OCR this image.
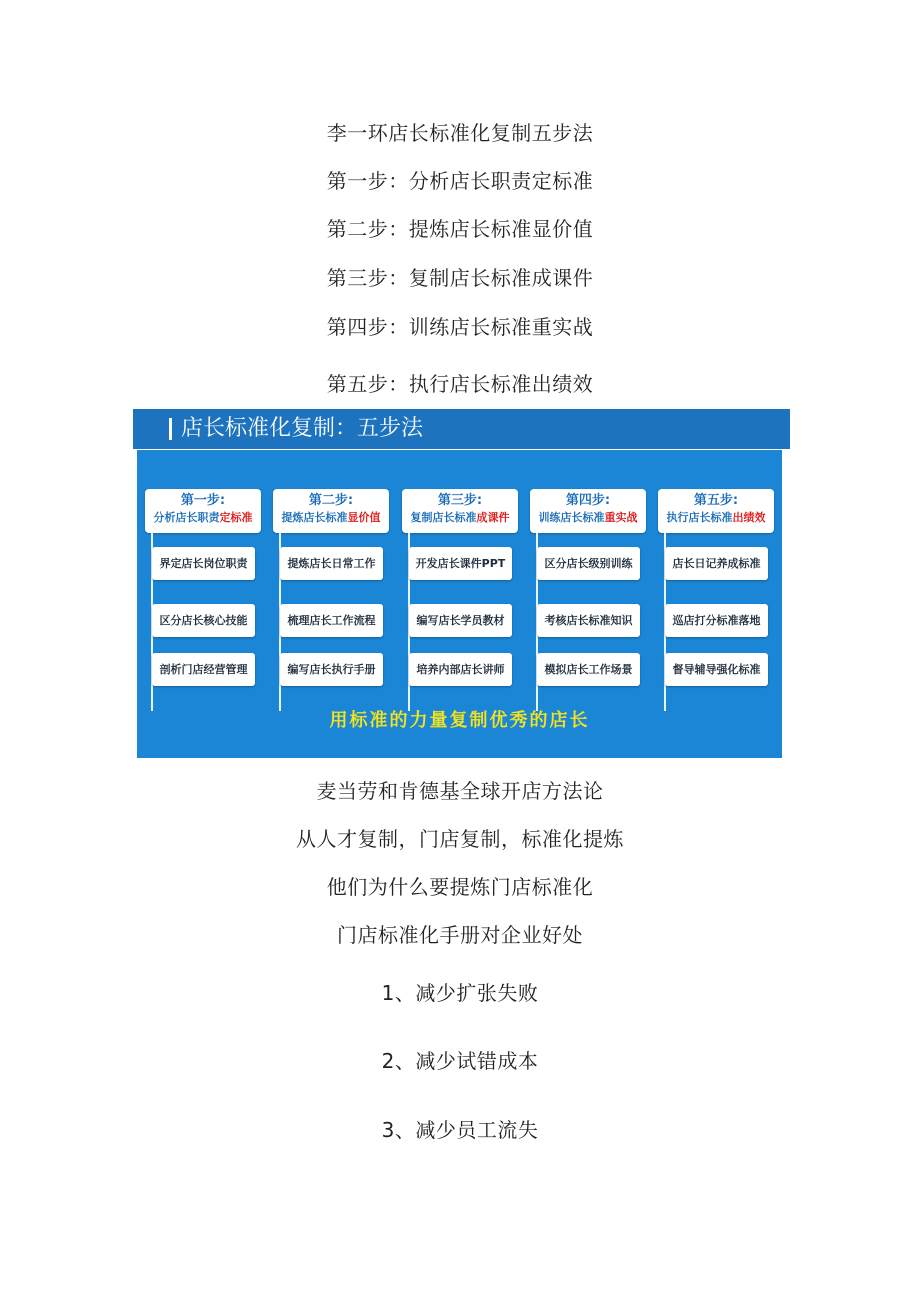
李一环店长标准化复制五步法
第一步：分析店长职责定标准
第二步：提炼店长标准显价值
第三步：复制店长标准成课件
第四步：训练店长标准重实战
第五步：执行店长标准出绩效
店长标准化复制：五步法
第一步:
分析店长职责定标准
界定店长岗位职责
区分店长核心技能
剖析门店经营管理
第二步:
提炼店长标准显价值
提炼店长日常工作
梳理店长工作流程
编写店长执行手册
第三步:
复制店长标准成课件
开发店长课件PPT
编写店长学员教材
培养内部店长讲师
第四步:
训练店长标准重实战
区分店长级别训练
考核店长标准知识
模拟店长工作场景
第五步:
执行店长标准出绩效
店长日记养成标准
巡店打分标准落地
督导辅导强化标准
用标准的力量复制优秀的店长
麦当劳和肯德基全球开店方法论
从人才复制，门店复制，标准化提炼
他们为什么要提炼门店标准化
门店标准化手册对企业好处
1、减少扩张失败
2、减少试错成本
3、减少员工流失
